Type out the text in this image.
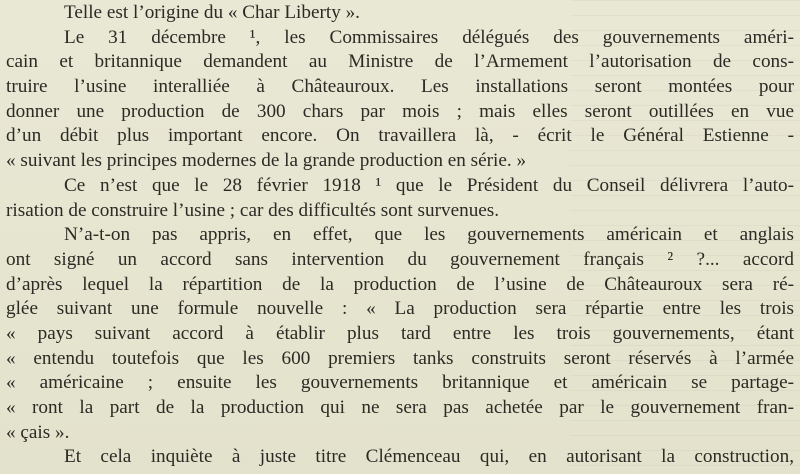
Telle est l’origine du « Char Liberty ».
Le 31 décembre ¹, les Commissaires délégués des gouvernements améri-
cain et britannique demandent au Ministre de l’Armement l’autorisation de cons-
truire l’usine interalliée à Châteauroux. Les installations seront montées pour
donner une production de 300 chars par mois ; mais elles seront outillées en vue
d’un débit plus important encore. On travaillera là, - écrit le Général Estienne -
« suivant les principes modernes de la grande production en série. »
Ce n’est que le 28 février 1918 ¹ que le Président du Conseil délivrera l’auto-
risation de construire l’usine ; car des difficultés sont survenues.
N’a-t-on pas appris, en effet, que les gouvernements américain et anglais
ont signé un accord sans intervention du gouvernement français ² ?... accord
d’après lequel la répartition de la production de l’usine de Châteauroux sera ré-
glée suivant une formule nouvelle : « La production sera répartie entre les trois
« pays suivant accord à établir plus tard entre les trois gouvernements, étant
« entendu toutefois que les 600 premiers tanks construits seront réservés à l’armée
« américaine ; ensuite les gouvernements britannique et américain se partage-
« ront la part de la production qui ne sera pas achetée par le gouvernement fran-
« çais ».
Et cela inquiète à juste titre Clémenceau qui, en autorisant la construction,
